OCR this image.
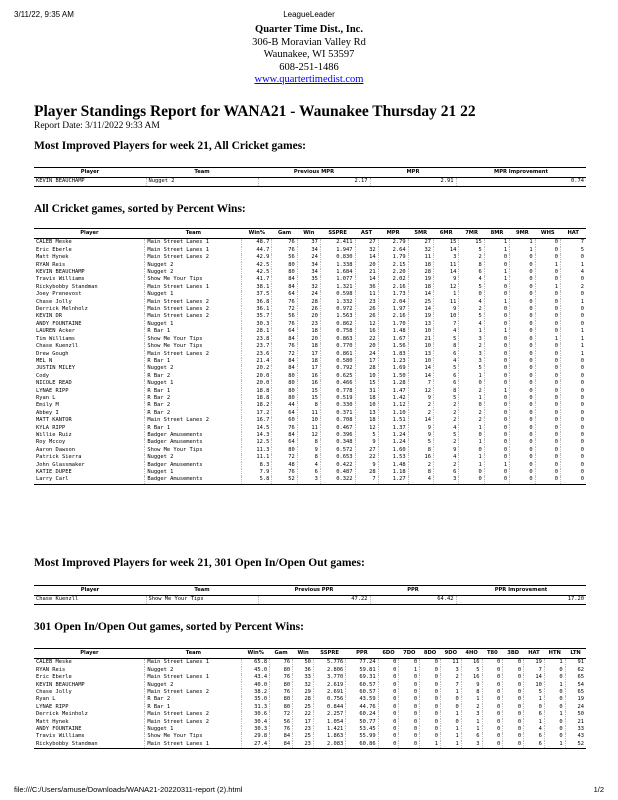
3/11/22, 9:35 AM	LeagueLeader
Quarter Time Dist., Inc.
306-B Moravian Valley Rd
Waunakee, WI 53597
608-251-1486
www.quartertimedist.com
Player Standings Report for WANA21 - Waunakee Thursday 21 22
Report Date: 3/11/2022 9:33 AM
Most Improved Players for week 21, All Cricket games:
Player	Team	Previous MPR	MPR	MPR Improvement
KEVIN BEAUCHAMP	Nugget 2	2.17	2.91	0.74
All Cricket games, sorted by Percent Wins:
Player	Team	Win%	Gam	Win	SSPRE	AST	MPR	5MR	6MR	7MR	8MR	9MR	WHS	HAT
CALEB Meske	Main Street Lanes 1	48.7	76	37	2.411	27	2.79	27	15	15	1	1	0	7
Eric Eberle	Main Street Lanes 1	44.7	76	34	1.947	32	2.64	32	14	5	1	1	0	5
Matt Hynek	Main Street Lanes 2	42.9	56	24	0.830	14	1.79	11	3	2	0	0	0	0
RYAN Reis	Nugget 2	42.5	80	34	1.338	20	2.15	18	11	8	0	0	1	1
KEVIN BEAUCHAMP	Nugget 2	42.5	80	34	1.684	21	2.20	28	14	6	1	0	0	4
Travis Williams	Show Me Your Tips	41.7	84	35	1.077	14	2.02	19	9	4	1	0	0	0
Rickybobby Standman	Main Street Lanes 1	38.1	84	32	1.321	36	2.16	18	12	5	0	0	1	2
Joey Prenevost	Nugget 1	37.5	64	24	0.598	11	1.73	14	1	0	0	0	0	0
Chase Jolly	Main Street Lanes 2	36.8	76	28	1.332	23	2.04	25	11	4	1	0	0	1
Derrick Melnholz	Main Street Lanes 2	36.1	72	26	0.972	26	1.97	14	9	2	0	0	0	0
KEVIN DR	Main Street Lanes 2	35.7	56	20	1.563	26	2.16	19	10	5	0	0	0	0
ANDY FOUNTAINE	Nugget 1	30.3	76	23	0.862	12	1.70	13	7	4	0	0	0	0
LAUREN Acker	R Bar 1	28.1	64	18	0.758	16	1.48	10	4	1	1	0	0	1
Tim Williams	Show Me Your Tips	23.8	84	20	0.863	22	1.67	21	5	3	0	0	1	1
Chase Kuenzll	Show Me Your Tips	23.7	76	18	0.770	20	1.56	10	8	2	0	0	0	1
Drew Gough	Main Street Lanes 2	23.6	72	17	0.861	24	1.83	13	6	3	0	0	0	1
MEL N	R Bar 1	21.4	84	18	0.580	17	1.23	10	4	3	0	0	0	0
JUSTIN MILEY	Nugget 2	20.2	84	17	0.792	28	1.69	14	5	5	0	0	0	0
Cody	R Bar 2	20.0	80	16	0.625	10	1.50	14	6	1	0	0	0	0
NICOLE READ	Nugget 1	20.0	80	16	0.466	15	1.28	7	6	0	0	0	0	0
LYNAE RIPP	R Bar 1	18.8	80	15	0.778	31	1.47	12	8	2	1	0	0	0
Ryan L	R Bar 2	18.8	80	15	0.519	18	1.42	9	5	1	0	0	0	0
Emily M	R Bar 2	18.2	44	8	0.330	10	1.12	2	2	0	0	0	0	0
Abbey I	R Bar 2	17.2	64	11	0.371	13	1.10	2	2	2	0	0	0	0
MATT KANTOR	Main Street Lanes 2	16.7	60	10	0.708	18	1.51	14	2	2	0	0	0	0
KYLA RIPP	R Bar 1	14.5	76	11	0.467	12	1.37	9	4	1	0	0	0	0
Willie Ruiz	Badger Amusements	14.3	84	12	0.396	5	1.24	9	5	0	0	0	0	0
Roy Mccoy	Badger Amusements	12.5	64	8	0.348	9	1.24	5	2	1	0	0	0	0
Aaron Dawson	Show Me Your Tips	11.3	80	9	0.572	27	1.60	8	9	0	0	0	0	0
Patrick Sierra	Nugget 2	11.1	72	8	0.653	22	1.53	16	4	1	0	0	0	0
John Glassmaker	Badger Amusements	8.3	48	4	0.422	9	1.48	2	2	1	1	0	0	0
KATIE DUPEE	Nugget 1	7.9	76	6	0.487	28	1.18	8	6	0	0	0	0	0
Larry Carl	Badger Amusements	5.8	52	3	0.322	7	1.27	4	3	0	0	0	0	0
Most Improved Players for week 21, 301 Open In/Open Out games:
Player	Team	Previous PPR	PPR	PPR Improvement
Chase Kuenzll	Show Me Your Tips	47.22	64.42	17.20
301 Open In/Open Out games, sorted by Percent Wins:
Player	Team	Win%	Gam	Win	SSPRE	PPR	6DO	7DO	8DO	9DO	4HO	T80	3BD	HAT	HTN	LTN
CALEB Meske	Main Street Lanes 1	65.8	76	50	5.776	77.24	0	0	0	11	16	0	0	19	1	91
RYAN Reis	Nugget 2	45.0	80	36	2.806	59.81	0	1	0	3	5	0	0	7	0	62
Eric Eberle	Main Street Lanes 1	43.4	76	33	3.770	69.31	0	0	0	2	16	0	0	14	0	65
KEVIN BEAUCHAMP	Nugget 2	40.0	80	32	2.619	60.57	0	0	0	7	9	0	0	10	1	54
Chase Jolly	Main Street Lanes 2	38.2	76	29	2.691	60.57	0	0	0	1	8	0	0	5	0	65
Ryan L	R Bar 2	35.0	80	28	0.756	43.59	0	0	0	0	1	0	0	1	0	19
LYNAE RIPP	R Bar 1	31.3	80	25	0.844	44.76	0	0	0	0	2	0	0	0	0	24
Derrick Meinholz	Main Street Lanes 2	30.6	72	22	2.257	60.24	0	0	0	1	3	0	0	6	1	50
Matt Hynek	Main Street Lanes 2	30.4	56	17	1.054	50.77	0	0	0	0	1	0	0	1	0	21
ANDY FOUNTAINE	Nugget 1	30.3	76	23	1.421	53.45	0	0	0	1	1	0	0	4	0	33
Travis Williams	Show Me Your Tips	29.8	84	25	1.863	55.99	0	0	0	1	6	0	0	6	0	43
Rickybobby Standman	Main Street Lanes 1	27.4	84	23	2.083	60.86	0	0	1	1	3	0	0	6	1	52
file:///C:/Users/amuse/Downloads/WANA21-20220311-report (2).html	1/2
